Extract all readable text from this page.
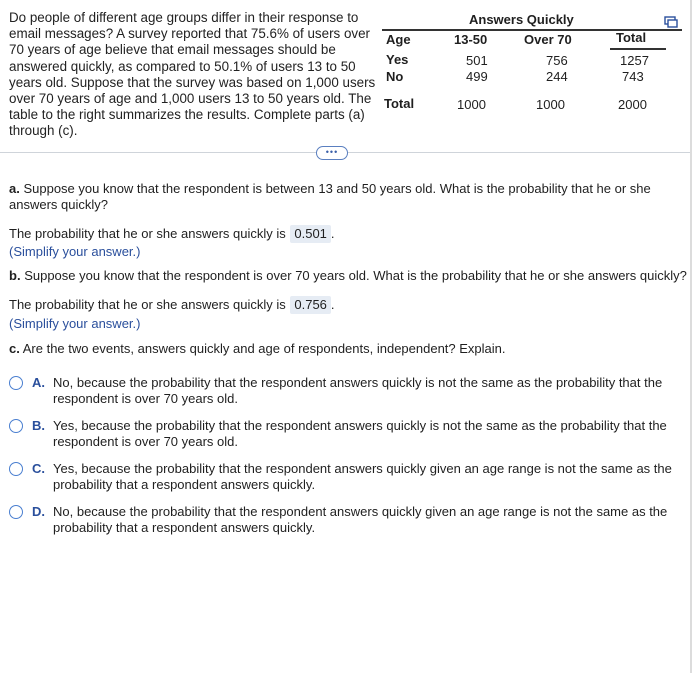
Do people of different age groups differ in their response to email messages? A survey reported that 75.6% of users over 70 years of age believe that email messages should be answered quickly, as compared to 50.1% of users 13 to 50 years old. Suppose that the survey was based on 1,000 users over 70 years of age and 1,000 users 13 to 50 years old. The table to the right summarizes the results. Complete parts (a) through (c).
Answers Quickly
Age	13-50	Over 70	Total
Yes	501	756	1257
No	499	244	743
Total	1000	1000	2000
•••
a. Suppose you know that the respondent is between 13 and 50 years old. What is the probability that he or she answers quickly?
The probability that he or she answers quickly is 0.501 .
(Simplify your answer.)
b. Suppose you know that the respondent is over 70 years old. What is the probability that he or she answers quickly?
The probability that he or she answers quickly is 0.756 .
(Simplify your answer.)
c. Are the two events, answers quickly and age of respondents, independent? Explain.
A. No, because the probability that the respondent answers quickly is not the same as the probability that the respondent is over 70 years old.
B. Yes, because the probability that the respondent answers quickly is not the same as the probability that the respondent is over 70 years old.
C. Yes, because the probability that the respondent answers quickly given an age range is not the same as the probability that a respondent answers quickly.
D. No, because the probability that the respondent answers quickly given an age range is not the same as the probability that a respondent answers quickly.
